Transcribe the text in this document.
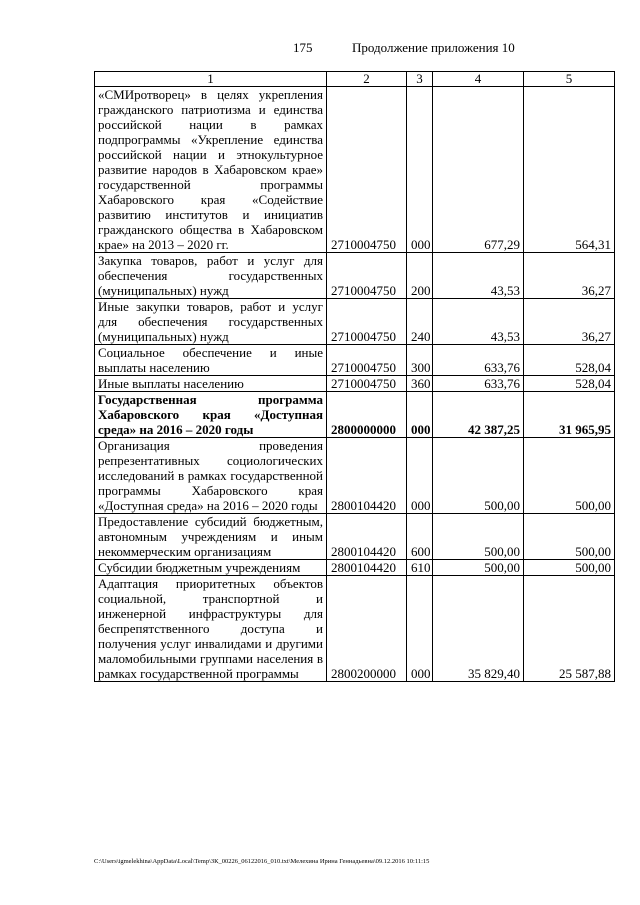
175	Продолжение приложения 10
1	2	3	4	5
«СМИротворец» в целях укрепления гражданского патриотизма и единства российской нации в рамках подпрограммы «Укрепление единства российской нации и этнокультурное развитие народов в Хабаровском крае» государственной программы Хабаровского края «Содействие развитию институтов и инициатив гражданского общества в Хабаровском крае» на 2013 – 2020 гг.	2710004750	000	677,29	564,31
Закупка товаров, работ и услуг для обеспечения государственных (муниципальных) нужд	2710004750	200	43,53	36,27
Иные закупки товаров, работ и услуг для обеспечения государственных (муниципальных) нужд	2710004750	240	43,53	36,27
Социальное обеспечение и иные выплаты населению	2710004750	300	633,76	528,04
Иные выплаты населению	2710004750	360	633,76	528,04
Государственная программа Хабаровского края «Доступная среда» на 2016 – 2020 годы	2800000000	000	42 387,25	31 965,95
Организация проведения репрезентативных социологических исследований в рамках государственной программы Хабаровского края «Доступная среда» на 2016 – 2020 годы	2800104420	000	500,00	500,00
Предоставление субсидий бюджетным, автономным учреждениям и иным некоммерческим организациям	2800104420	600	500,00	500,00
Субсидии бюджетным учреждениям	2800104420	610	500,00	500,00
Адаптация приоритетных объектов социальной, транспортной и инженерной инфраструктуры для беспрепятственного доступа и получения услуг инвалидами и другими маломобильными группами населения в рамках государственной программы	2800200000	000	35 829,40	25 587,88
C:\Users\igmelekhina\AppData\Local\Temp\ЗК_00226_06122016_010.txt\Мелехина Ирина Геннадьевна\09.12.2016 10:11:15
